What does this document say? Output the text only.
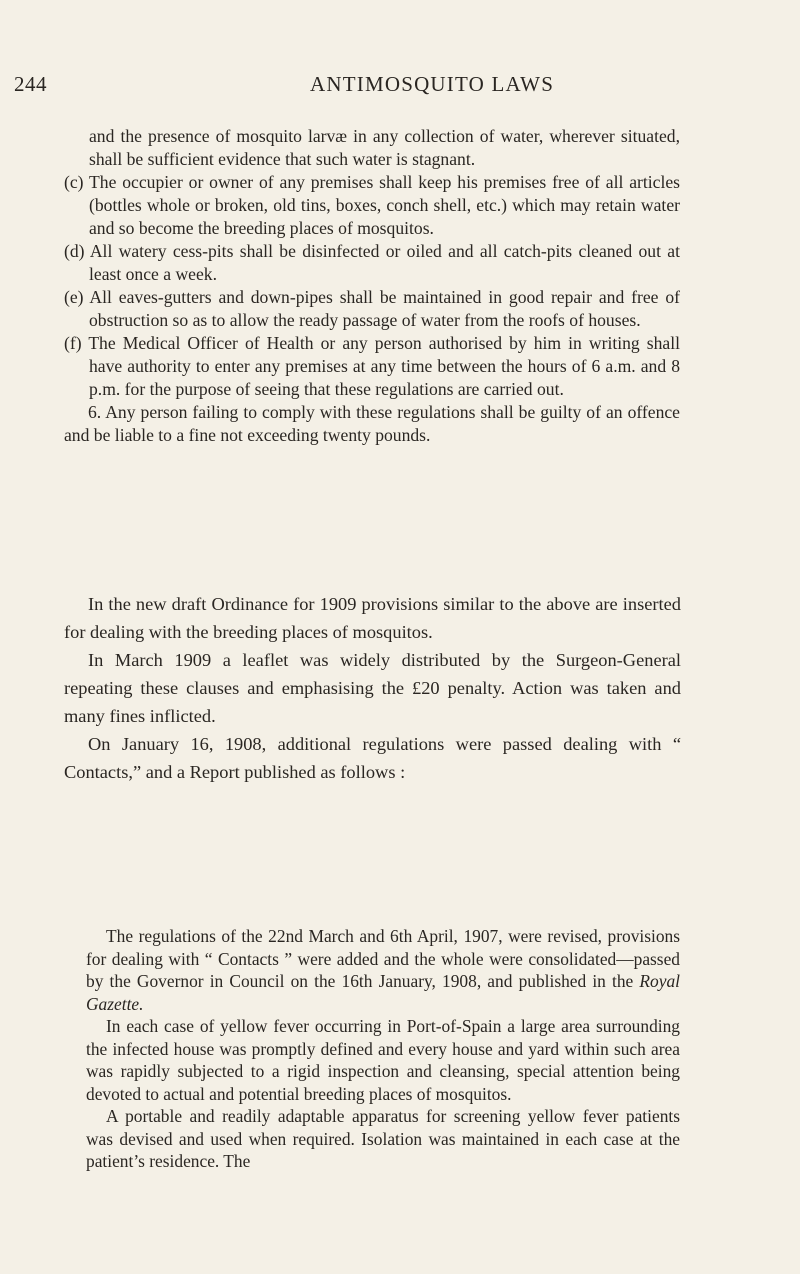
244	ANTIMOSQUITO LAWS

and the presence of mosquito larvæ in any collection of water, wherever situated, shall be sufficient evidence that such water is stagnant.

(c) The occupier or owner of any premises shall keep his premises free of all articles (bottles whole or broken, old tins, boxes, conch shell, etc.) which may retain water and so become the breeding places of mosquitos.

(d) All watery cess-pits shall be disinfected or oiled and all catch-pits cleaned out at least once a week.

(e) All eaves-gutters and down-pipes shall be maintained in good repair and free of obstruction so as to allow the ready passage of water from the roofs of houses.

(f) The Medical Officer of Health or any person authorised by him in writing shall have authority to enter any premises at any time between the hours of 6 a.m. and 8 p.m. for the purpose of seeing that these regulations are carried out.

6. Any person failing to comply with these regulations shall be guilty of an offence and be liable to a fine not exceeding twenty pounds.

In the new draft Ordinance for 1909 provisions similar to the above are inserted for dealing with the breeding places of mosquitos.

In March 1909 a leaflet was widely distributed by the Surgeon-General repeating these clauses and emphasising the £20 penalty. Action was taken and many fines inflicted.

On January 16, 1908, additional regulations were passed dealing with “ Contacts,” and a Report published as follows :

The regulations of the 22nd March and 6th April, 1907, were revised, provisions for dealing with “ Contacts ” were added and the whole were consolidated—passed by the Governor in Council on the 16th January, 1908, and published in the Royal Gazette.

In each case of yellow fever occurring in Port-of-Spain a large area surrounding the infected house was promptly defined and every house and yard within such area was rapidly subjected to a rigid inspection and cleansing, special attention being devoted to actual and potential breeding places of mosquitos.

A portable and readily adaptable apparatus for screening yellow fever patients was devised and used when required. Isolation was maintained in each case at the patient’s residence. The
